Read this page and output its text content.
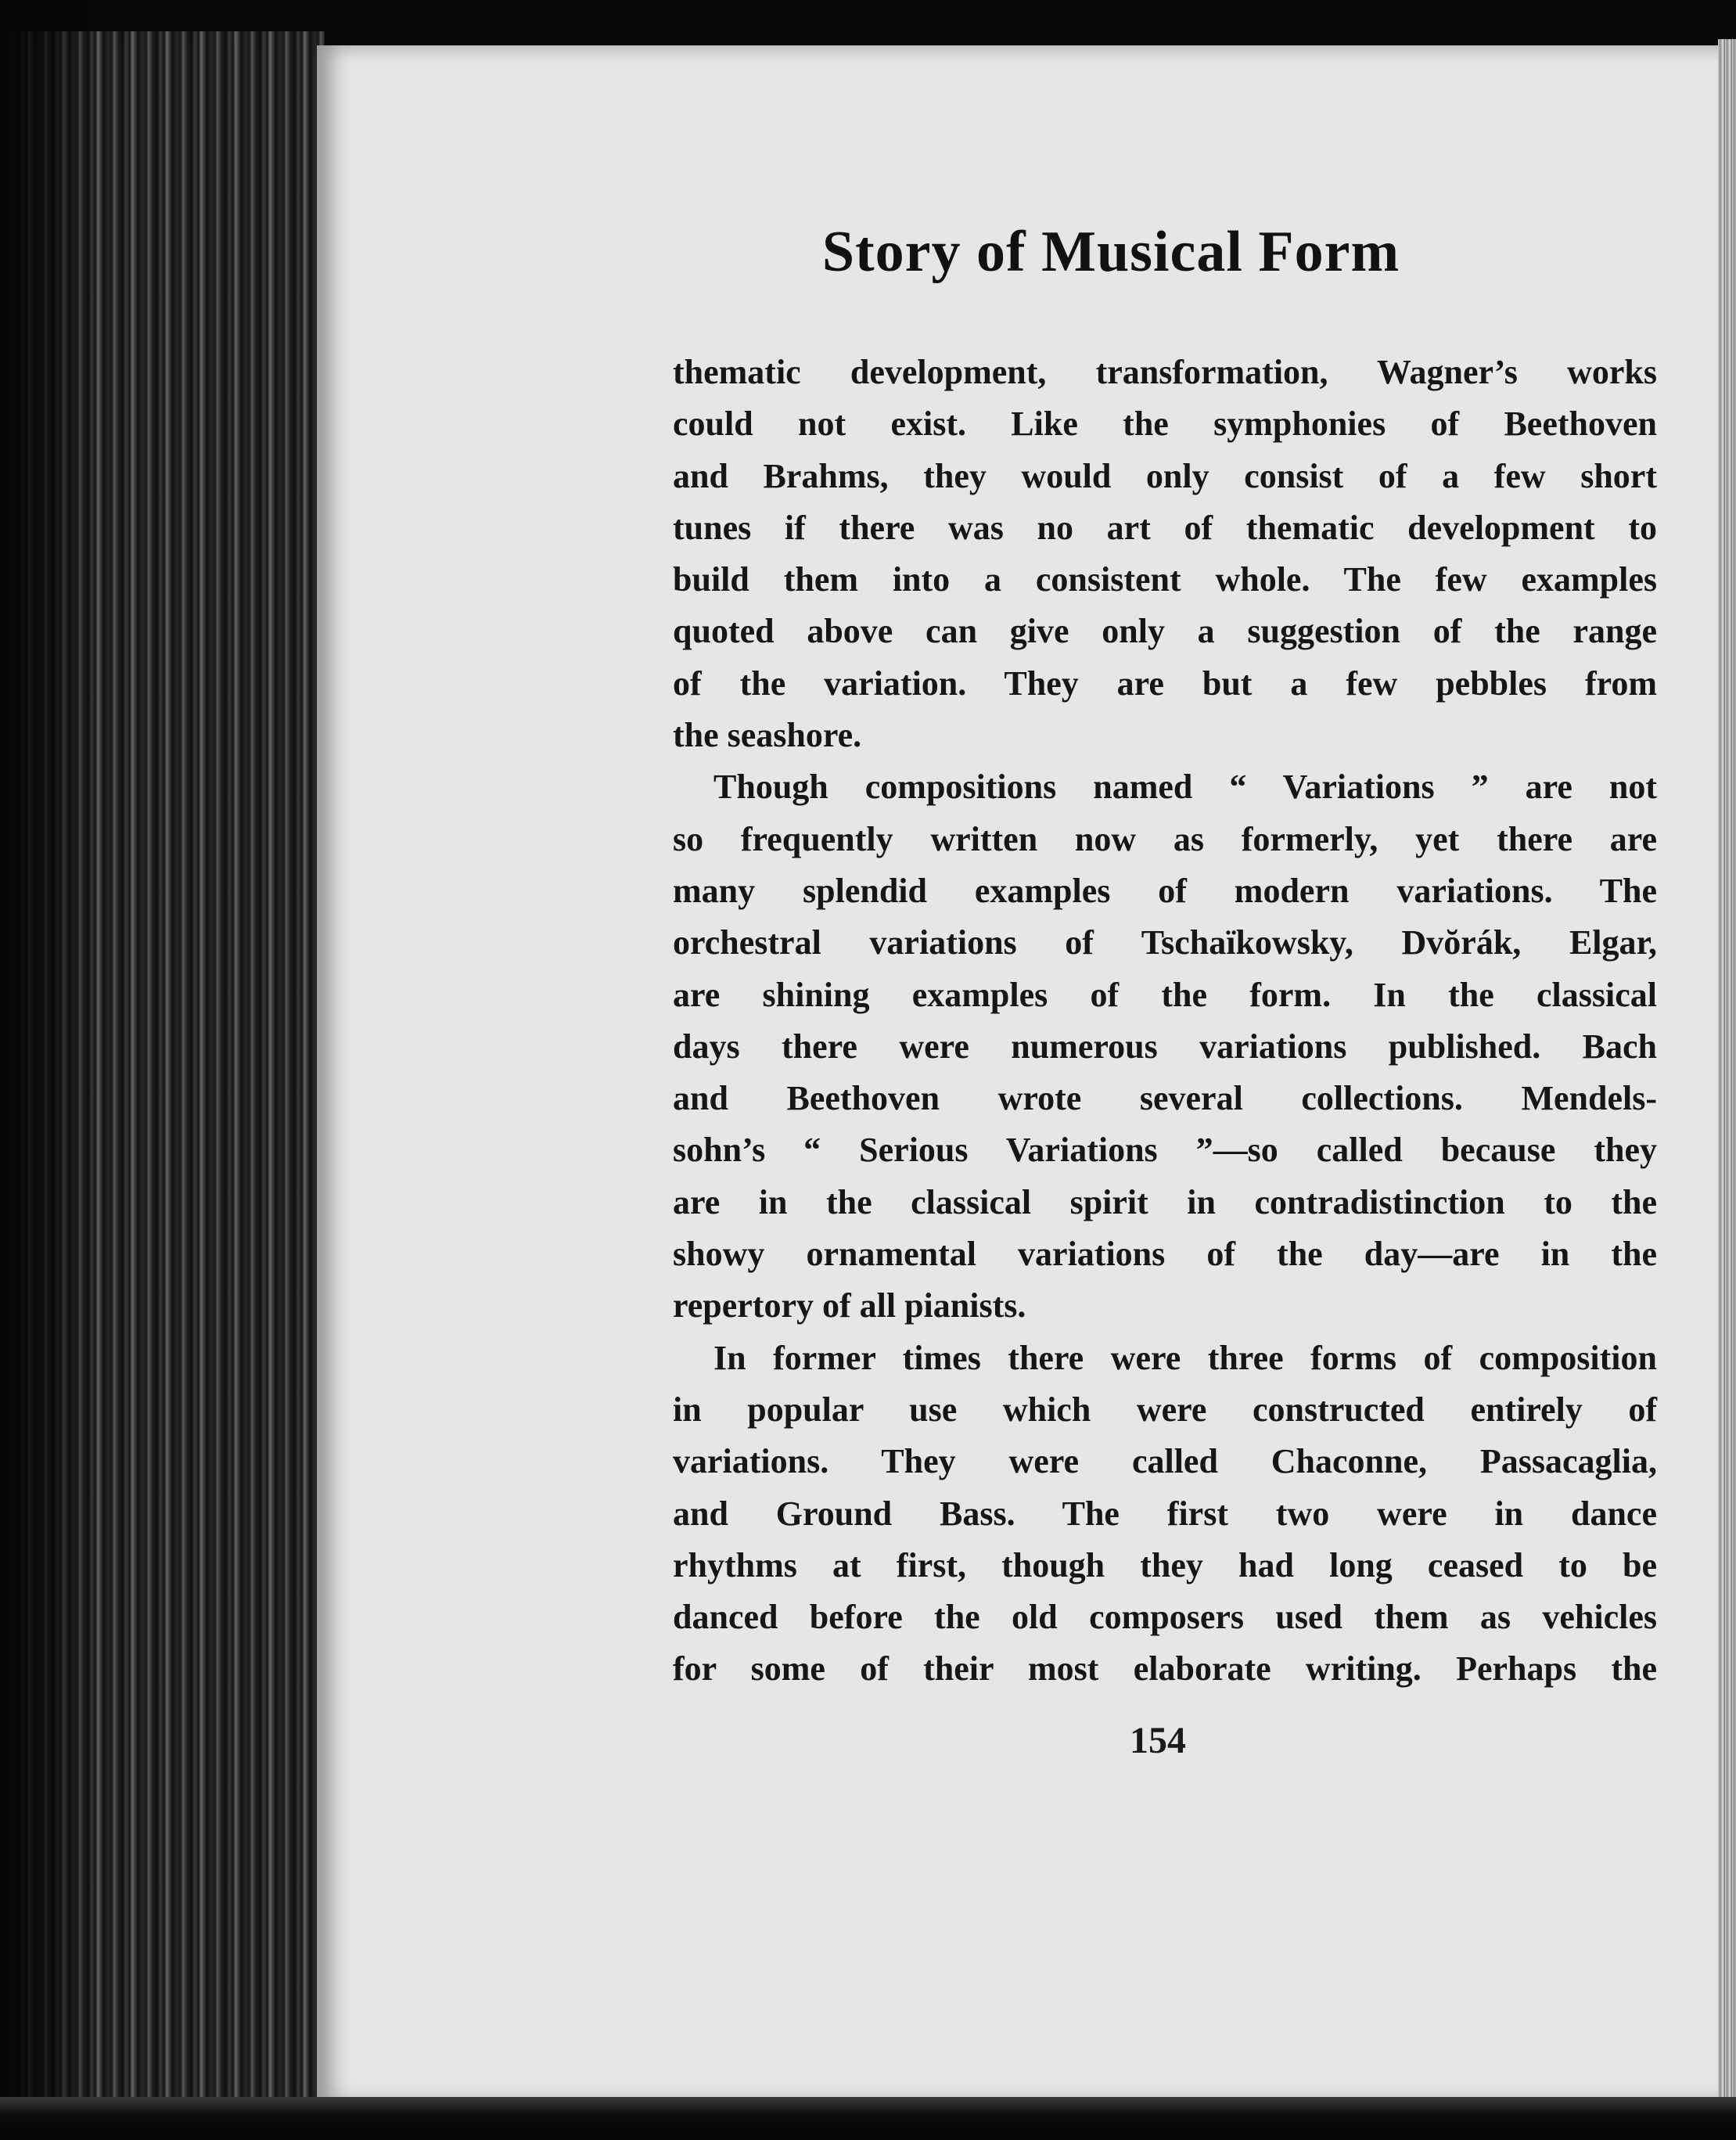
Story of Musical Form
thematic development, transformation, Wagner’s works
could not exist. Like the symphonies of Beethoven
and Brahms, they would only consist of a few short
tunes if there was no art of thematic development to
build them into a consistent whole. The few examples
quoted above can give only a suggestion of the range
of the variation. They are but a few pebbles from
the seashore.
Though compositions named “ Variations ” are not
so frequently written now as formerly, yet there are
many splendid examples of modern variations. The
orchestral variations of Tschaïkowsky, Dvŏrák, Elgar,
are shining examples of the form. In the classical
days there were numerous variations published. Bach
and Beethoven wrote several collections. Mendels-
sohn’s “ Serious Variations ”—so called because they
are in the classical spirit in contradistinction to the
showy ornamental variations of the day—are in the
repertory of all pianists.
In former times there were three forms of composition
in popular use which were constructed entirely of
variations. They were called Chaconne, Passacaglia,
and Ground Bass. The first two were in dance
rhythms at first, though they had long ceased to be
danced before the old composers used them as vehicles
for some of their most elaborate writing. Perhaps the
154
